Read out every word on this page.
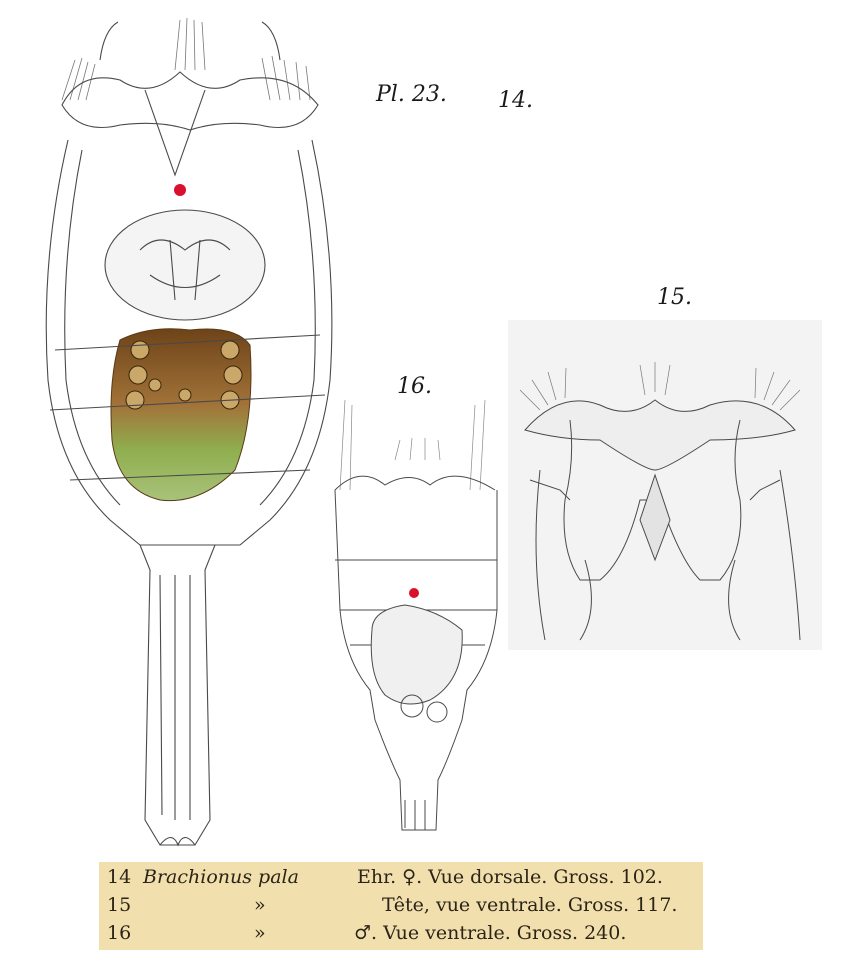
Pl. 23. 14.
15.
16.
14 Brachionus pala	Ehr. ♀. Vue dorsale. Gross. 102.
15	»	Tête, vue ventrale. Gross. 117.
16	»	♂. Vue ventrale. Gross. 240.
